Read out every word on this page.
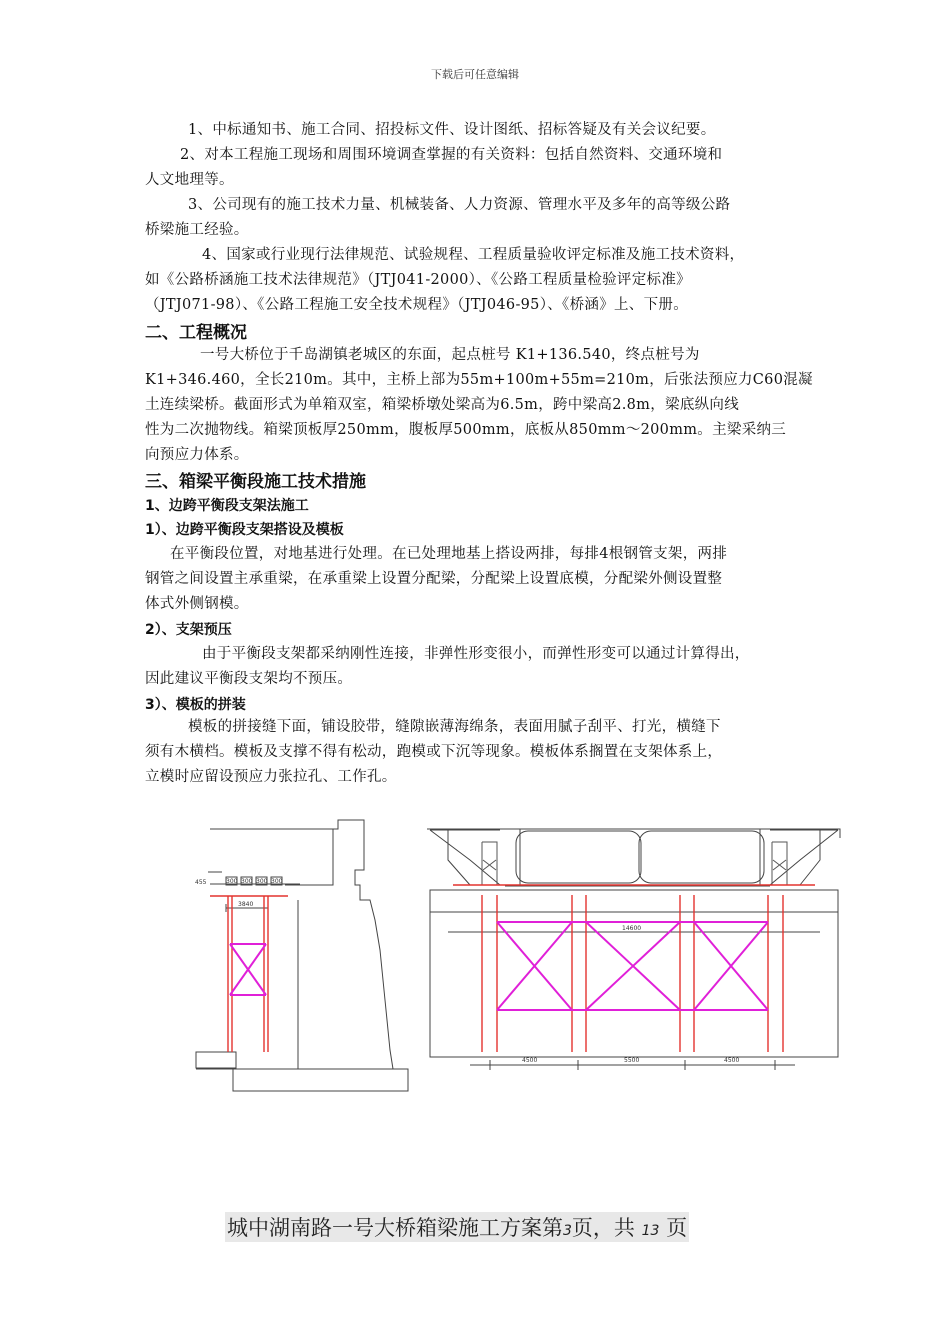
下载后可任意编辑
1、中标通知书、施工合同、招投标文件、设计图纸、招标答疑及有关会议纪要。
2、对本工程施工现场和周围环境调查掌握的有关资料：包括自然资料、交通环境和
人文地理等。
3、公司现有的施工技术力量、机械装备、人力资源、管理水平及多年的高等级公路
桥梁施工经验。
4、国家或行业现行法律规范、试验规程、工程质量验收评定标准及施工技术资料，
如《公路桥涵施工技术法律规范》（JTJ041-2000）、《公路工程质量检验评定标准》
（JTJ071-98）、《公路工程施工安全技术规程》（JTJ046-95）、《桥涵》上、下册。
二、工程概况
一号大桥位于千岛湖镇老城区的东面，起点桩号 K1+136.540，终点桩号为
K1+346.460，全长210m。其中，主桥上部为55m+100m+55m=210m，后张法预应力C60混凝
土连续梁桥。截面形式为单箱双室，箱梁桥墩处梁高为6.5m，跨中梁高2.8m，梁底纵向线
性为二次抛物线。箱梁顶板厚250mm，腹板厚500mm，底板从850mm～200mm。主梁采纳三
向预应力体系。
三、箱梁平衡段施工技术措施
1、边跨平衡段支架法施工
1）、边跨平衡段支架搭设及模板
在平衡段位置，对地基进行处理。在已处理地基上搭设两排，每排4根钢管支架，两排
钢管之间设置主承重梁，在承重梁上设置分配梁，分配梁上设置底模，分配梁外侧设置整
体式外侧钢模。
2）、支架预压
由于平衡段支架都采纳刚性连接，非弹性形变很小，而弹性形变可以通过计算得出，
因此建议平衡段支架均不预压。
3）、模板的拼装
模板的拼接缝下面，铺设胶带，缝隙嵌薄海绵条，表面用腻子刮平、打光，横缝下
须有木横档。模板及支撑不得有松动，跑模或下沉等现象。模板体系搁置在支架体系上，
立模时应留设预应力张拉孔、工作孔。
455	300 300 300 300
3840
14600
4500	5500	4500
城中湖南路一号大桥箱梁施工方案第3页，共 13 页
